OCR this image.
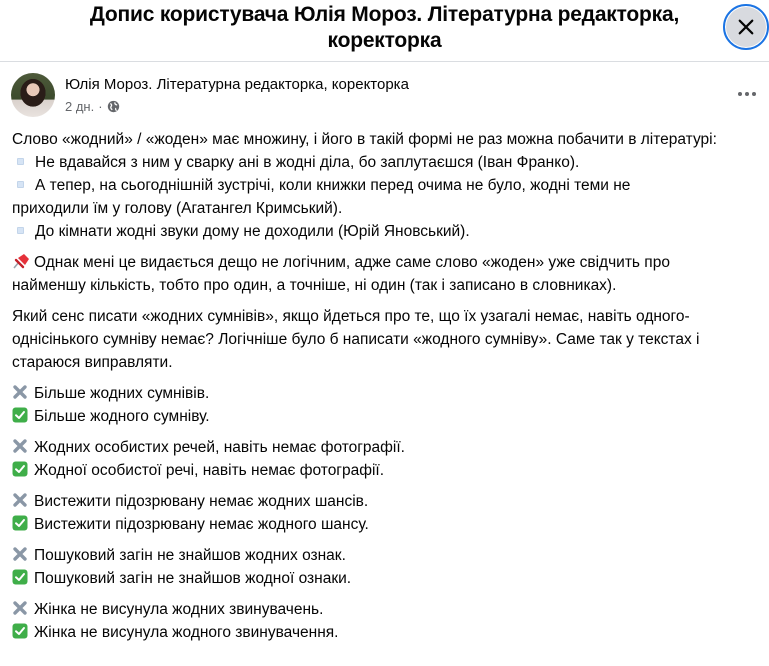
Допис користувача Юлія Мороз. Літературна редакторка, коректорка
Юлія Мороз. Літературна редакторка, коректорка
2 дн. ·
Слово «жодний» / «жоден» має множину, і його в такій формі не раз можна побачити в літературі:
Не вдавайся з ним у сварку ані в жодні діла, бо заплутаєшся (Іван Франко).
А тепер, на сьогоднішній зустрічі, коли книжки перед очима не було, жодні теми не
приходили їм у голову (Агатангел Кримський).
До кімнати жодні звуки дому не доходили (Юрій Яновський).
Однак мені це видається дещо не логічним, адже саме слово «жоден» уже свідчить про
найменшу кількість, тобто про один, а точніше, ні один (так і записано в словниках).
Який сенс писати «жодних сумнівів», якщо йдеться про те, що їх узагалі немає, навіть одного-
однісінького сумніву немає? Логічніше було б написати «жодного сумніву». Саме так у текстах і
стараюся виправляти.
Більше жодних сумнівів.
Більше жодного сумніву.
Жодних особистих речей, навіть немає фотографії.
Жодної особистої речі, навіть немає фотографії.
Вистежити підозрювану немає жодних шансів.
Вистежити підозрювану немає жодного шансу.
Пошуковий загін не знайшов жодних ознак.
Пошуковий загін не знайшов жодної ознаки.
Жінка не висунула жодних звинувачень.
Жінка не висунула жодного звинувачення.
